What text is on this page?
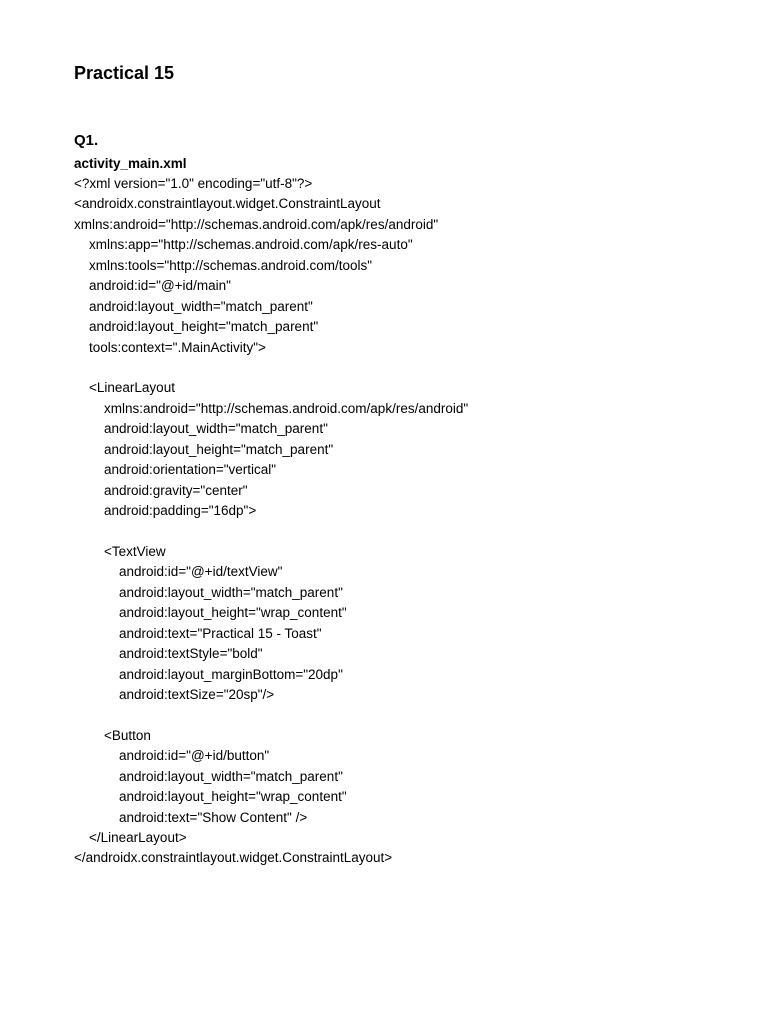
Practical 15
Q1.
activity_main.xml
<?xml version="1.0" encoding="utf-8"?>
<androidx.constraintlayout.widget.ConstraintLayout
xmlns:android="http://schemas.android.com/apk/res/android"
xmlns:app="http://schemas.android.com/apk/res-auto"
xmlns:tools="http://schemas.android.com/tools"
android:id="@+id/main"
android:layout_width="match_parent"
android:layout_height="match_parent"
tools:context=".MainActivity">
<LinearLayout
xmlns:android="http://schemas.android.com/apk/res/android"
android:layout_width="match_parent"
android:layout_height="match_parent"
android:orientation="vertical"
android:gravity="center"
android:padding="16dp">
<TextView
android:id="@+id/textView"
android:layout_width="match_parent"
android:layout_height="wrap_content"
android:text="Practical 15 - Toast"
android:textStyle="bold"
android:layout_marginBottom="20dp"
android:textSize="20sp"/>
<Button
android:id="@+id/button"
android:layout_width="match_parent"
android:layout_height="wrap_content"
android:text="Show Content" />
</LinearLayout>
</androidx.constraintlayout.widget.ConstraintLayout>
